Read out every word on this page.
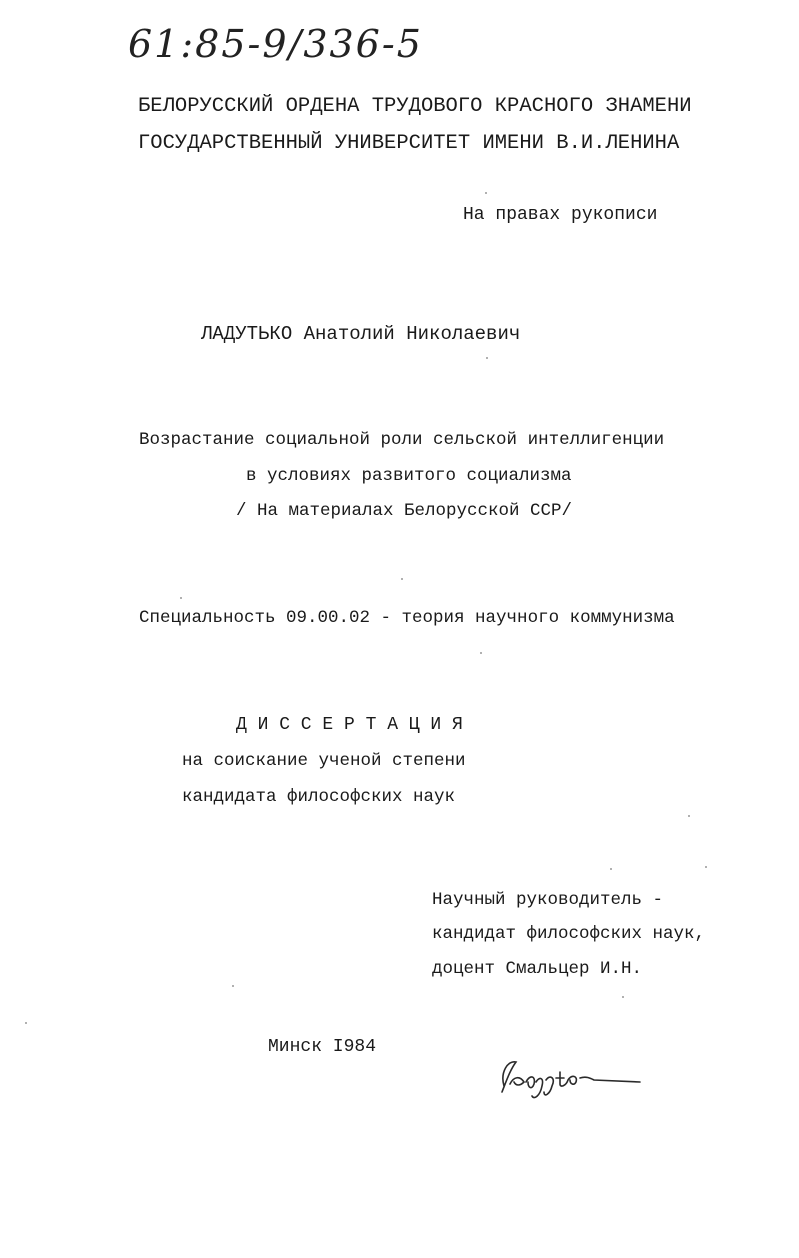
61:85-9/336-5
БЕЛОРУССКИЙ ОРДЕНА ТРУДОВОГО КРАСНОГО ЗНАМЕНИ
ГОСУДАРСТВЕННЫЙ УНИВЕРСИТЕТ ИМЕНИ В.И.ЛЕНИНА
На правах рукописи
ЛАДУТЬКО Анатолий Николаевич
Возрастание социальной роли сельской интеллигенции
в условиях развитого социализма
/ На материалах Белорусской ССР/
Специальность 09.00.02 - теория научного коммунизма
Д И С С Е Р Т А Ц И Я
на соискание ученой степени
кандидата философских наук
Научный руководитель -
кандидат философских наук,
доцент Смальцер И.Н.
Минск I984
